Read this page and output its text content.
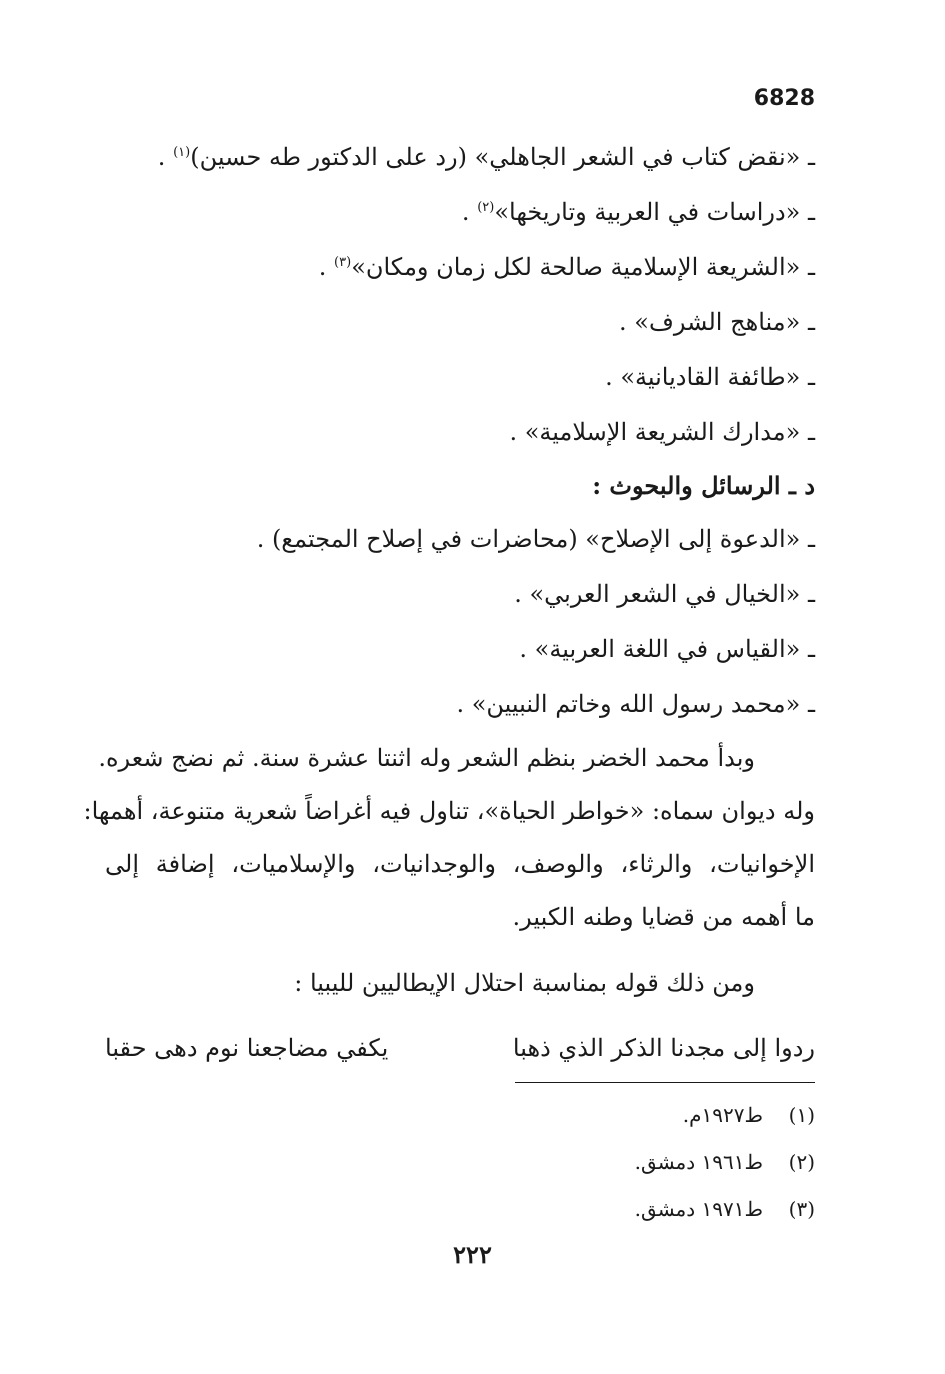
6828
ـ «نقض كتاب في الشعر الجاهلي» (رد على الدكتور طه حسين)$^{(١)}$ .
ـ «دراسات في العربية وتاريخها»$^{(٢)}$ .
ـ «الشريعة الإسلامية صالحة لكل زمان ومكان»$^{(٣)}$ .
ـ «مناهج الشرف» .
ـ «طائفة القاديانية» .
ـ «مدارك الشريعة الإسلامية» .
د ـ الرسائل والبحوث :
ـ «الدعوة إلى الإصلاح» (محاضرات في إصلاح المجتمع) .
ـ «الخيال في الشعر العربي» .
ـ «القياس في اللغة العربية» .
ـ «محمد رسول الله وخاتم النبيين» .
وبدأ محمد الخضر بنظم الشعر وله اثنتا عشرة سنة. ثم نضج شعره.
وله ديوان سماه: «خواطر الحياة»، تناول فيه أغراضاً شعرية متنوعة، أهمها:
الإخوانيات، والرثاء، والوصف، والوجدانيات، والإسلاميات، إضافة إلى
ما أهمه من قضايا وطنه الكبير.
ومن ذلك قوله بمناسبة احتلال الإيطاليين لليبيا :
ردوا إلى مجدنا الذكر الذي ذهبا
يكفي مضاجعنا نوم دهى حقبا
(١)ط١٩٢٧م.
(٢)ط١٩٦١ دمشق.
(٣)ط١٩٧١ دمشق.
٢٢٢
